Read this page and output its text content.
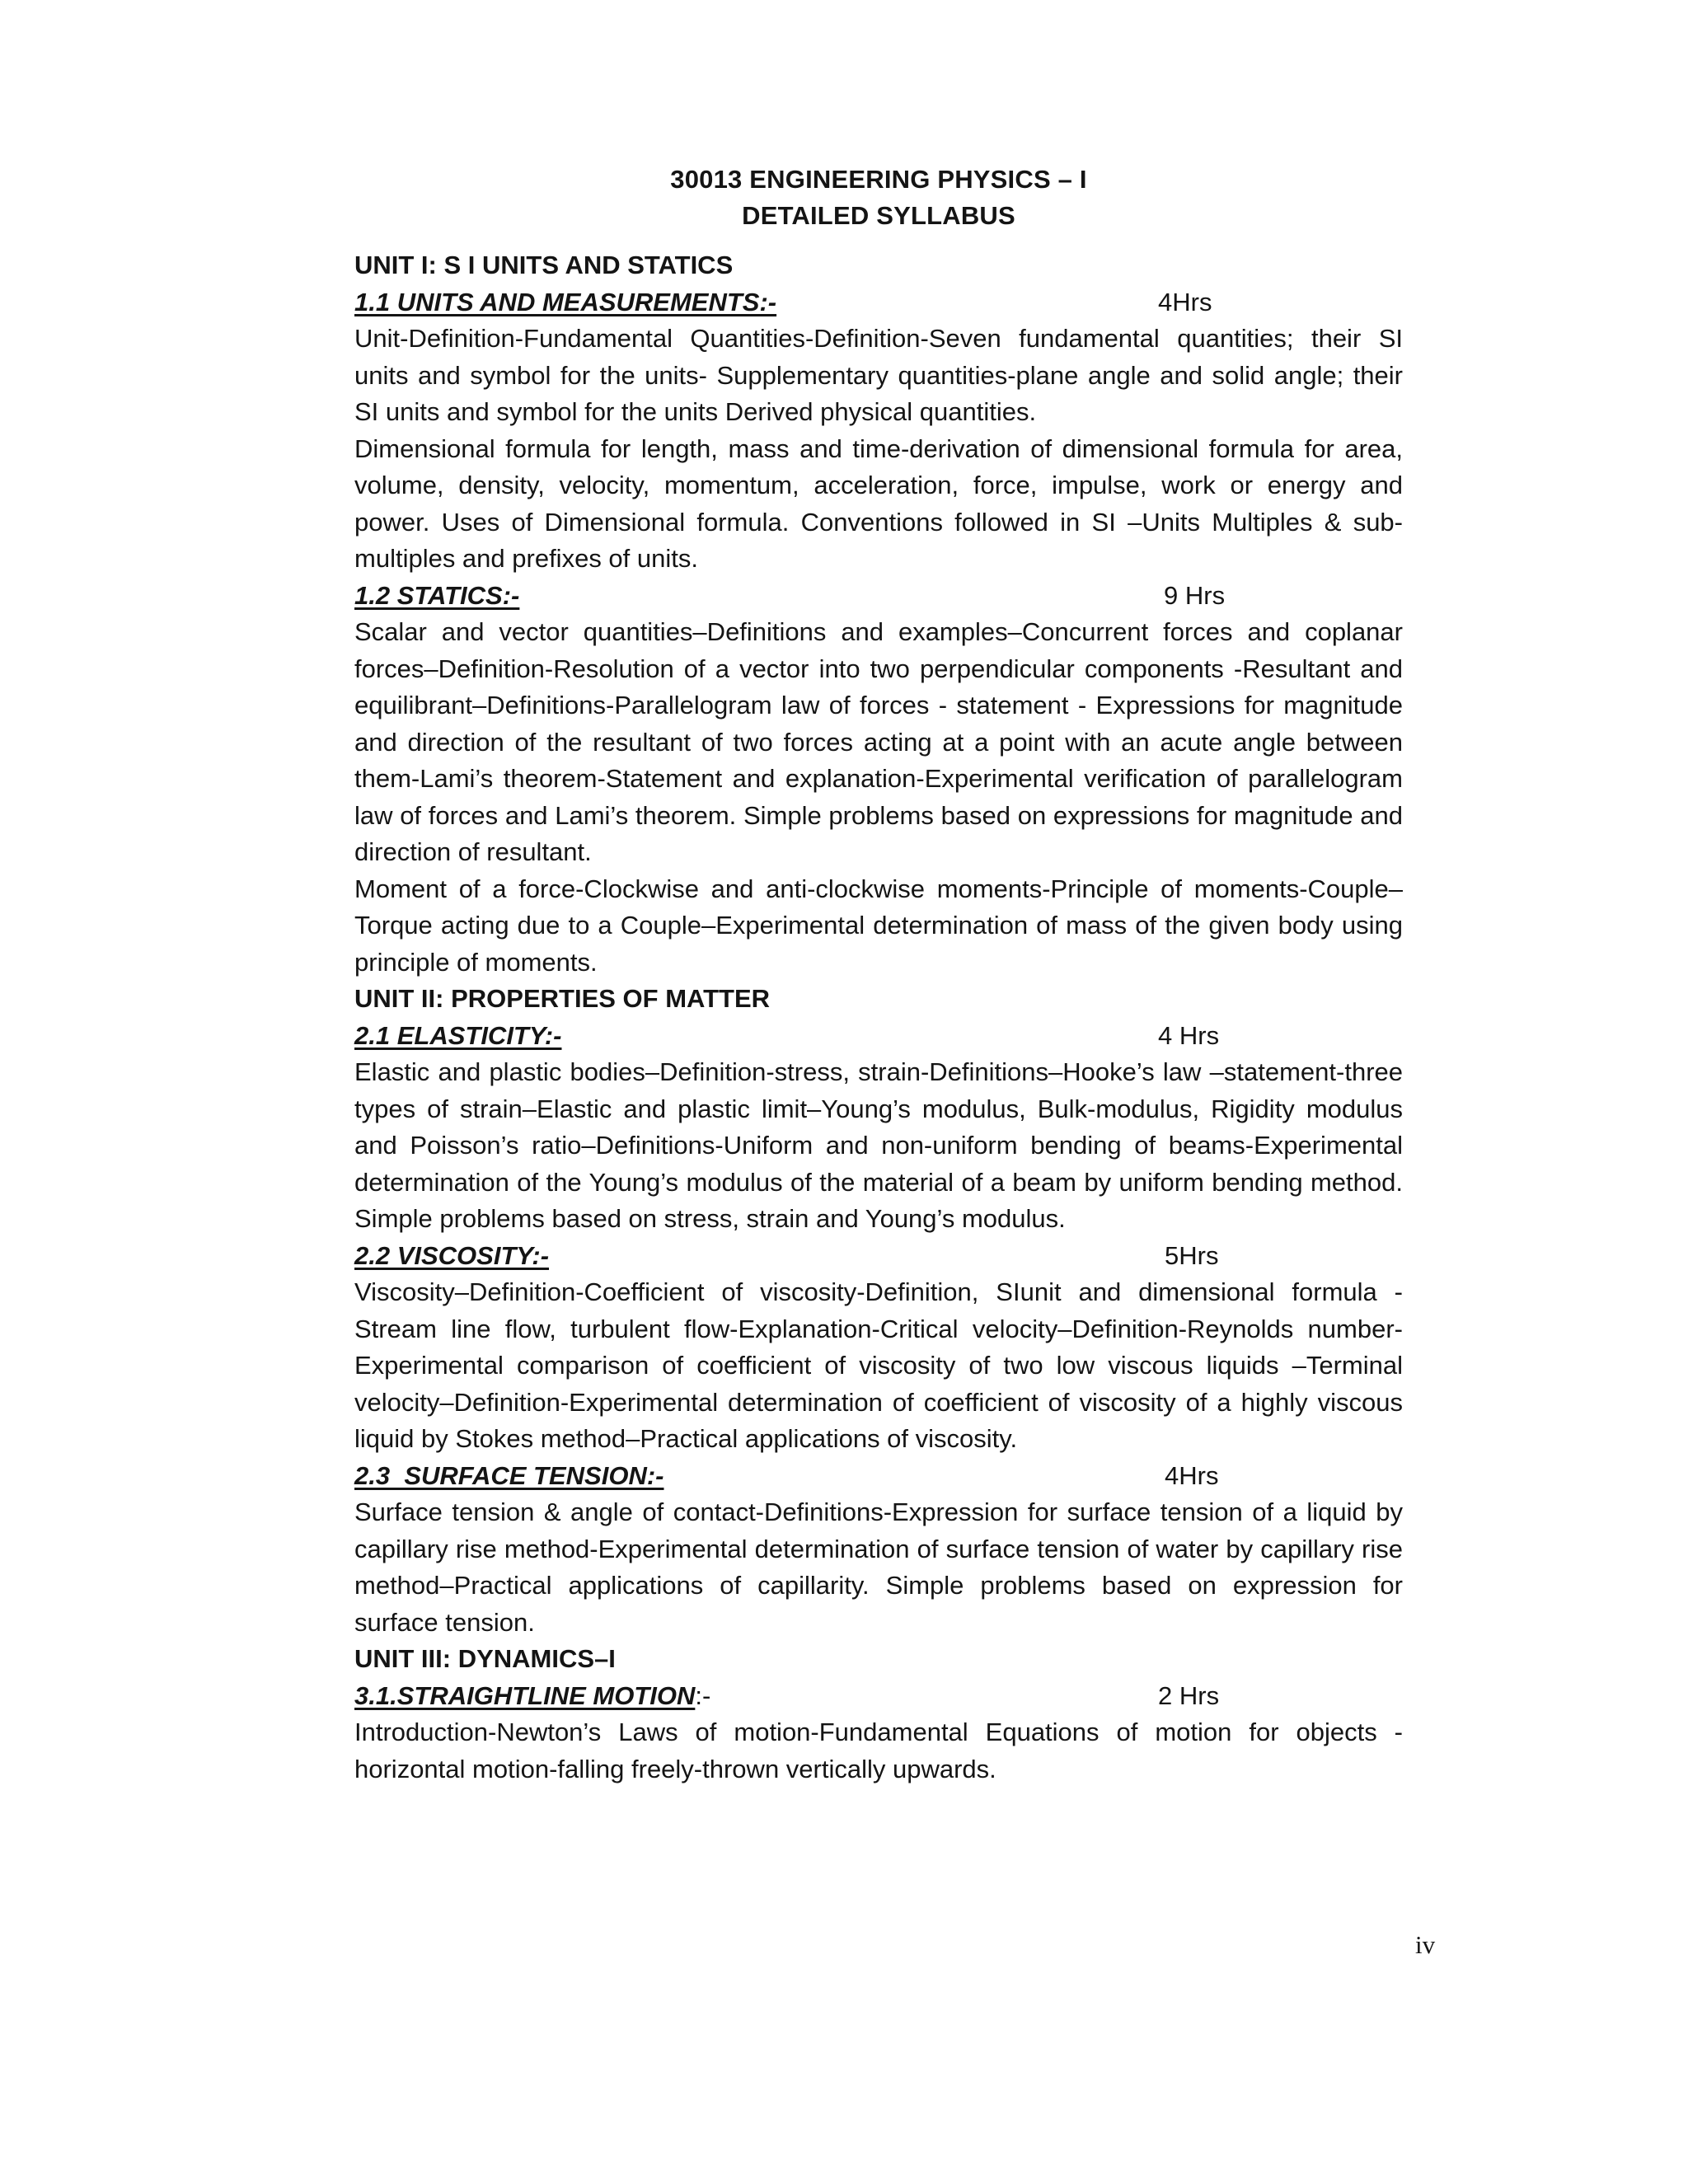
30013 ENGINEERING PHYSICS – I
DETAILED SYLLABUS
UNIT I: S I UNITS AND STATICS
1.1 UNITS AND MEASUREMENTS:-	4Hrs

Unit-Definition-Fundamental Quantities-Definition-Seven fundamental quantities; their SI units and symbol for the units- Supplementary quantities-plane angle and solid angle; their SI units and symbol for the units Derived physical quantities.

Dimensional formula for length, mass and time-derivation of dimensional formula for area, volume, density, velocity, momentum, acceleration, force, impulse, work or energy and power. Uses of Dimensional formula. Conventions followed in SI –Units Multiples & sub-multiples and prefixes of units.

1.2 STATICS:-	9 Hrs

Scalar and vector quantities–Definitions and examples–Concurrent forces and coplanar forces–Definition-Resolution of a vector into two perpendicular components -Resultant and equilibrant–Definitions-Parallelogram law of forces - statement - Expressions for magnitude and direction of the resultant of two forces acting at a point with an acute angle between them-Lami’s theorem-Statement and explanation-Experimental verification of parallelogram law of forces and Lami’s theorem. Simple problems based on expressions for magnitude and direction of resultant.

Moment of a force-Clockwise and anti-clockwise moments-Principle of moments-Couple–Torque acting due to a Couple–Experimental determination of mass of the given body using principle of moments.

UNIT II: PROPERTIES OF MATTER
2.1 ELASTICITY:-	4 Hrs

Elastic and plastic bodies–Definition-stress, strain-Definitions–Hooke’s law –statement-three types of strain–Elastic and plastic limit–Young’s modulus, Bulk-modulus, Rigidity modulus and Poisson’s ratio–Definitions-Uniform and non-uniform bending of beams-Experimental determination of the Young’s modulus of the material of a beam by uniform bending method. Simple problems based on stress, strain and Young’s modulus.

2.2 VISCOSITY:-	5Hrs

Viscosity–Definition-Coefficient of viscosity-Definition, SIunit and dimensional formula -Stream line flow, turbulent flow-Explanation-Critical velocity–Definition-Reynolds number-Experimental comparison of coefficient of viscosity of two low viscous liquids –Terminal velocity–Definition-Experimental determination of coefficient of viscosity of a highly viscous liquid by Stokes method–Practical applications of viscosity.

2.3  SURFACE TENSION:-	4Hrs

Surface tension & angle of contact-Definitions-Expression for surface tension of a liquid by capillary rise method-Experimental determination of surface tension of water by capillary rise method–Practical applications of capillarity. Simple problems based on expression for surface tension.

UNIT III: DYNAMICS–I
3.1.STRAIGHTLINE MOTION:-	2 Hrs

Introduction-Newton’s Laws of motion-Fundamental Equations of motion for objects -horizontal motion-falling freely-thrown vertically upwards.

iv
